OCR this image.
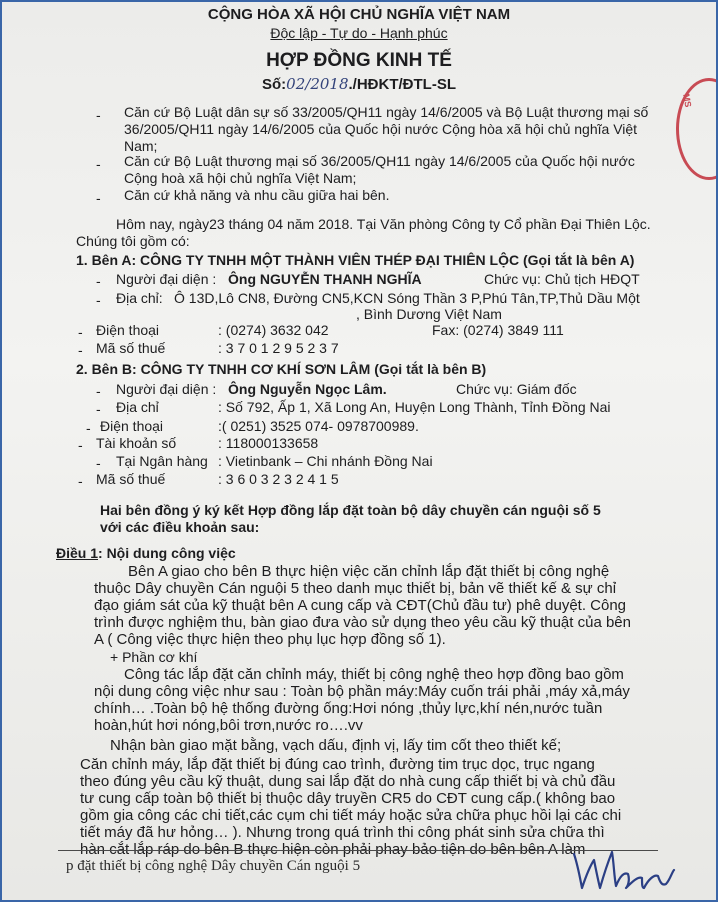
MS
CỘNG HÒA XÃ HỘI CHỦ NGHĨA VIỆT NAM
Độc lập - Tự do - Hạnh phúc
HỢP ĐỒNG KINH TẾ
Số:02/2018./HĐKT/ĐTL-SL
- Căn cứ Bộ Luật dân sự số 33/2005/QH11 ngày 14/6/2005 và Bộ Luật thương mại số
36/2005/QH11 ngày 14/6/2005 của Quốc hội nước Cộng hòa xã hội chủ nghĩa Việt
Nam;
- Căn cứ Bộ Luật thương mại số 36/2005/QH11 ngày 14/6/2005 của Quốc hội nước
Cộng hoà xã hội chủ nghĩa Việt Nam;
- Căn cứ khả năng và nhu cầu giữa hai bên.
Hôm nay, ngày23 tháng 04 năm 2018. Tại Văn phòng Công ty Cổ phần Đại Thiên Lộc.
Chúng tôi gồm có:
1. Bên A: CÔNG TY TNHH MỘT THÀNH VIÊN THÉP ĐẠI THIÊN LỘC (Gọi tắt là bên A)
- Người đại diện : Ông NGUYỄN THANH NGHĨA	Chức vụ: Chủ tịch HĐQT
- Địa chỉ: Ô 13D,Lô CN8, Đường CN5,KCN Sóng Thần 3 P,Phú Tân,TP,Thủ Dầu Một
, Bình Dương Việt Nam
- Điện thoại	: (0274) 3632 042	Fax: (0274) 3849 111
- Mã số thuế	: 3 7 0 1 2 9 5 2 3 7
2. Bên B: CÔNG TY TNHH CƠ KHÍ SƠN LÂM (Gọi tắt là bên B)
- Người đại diện : Ông Nguyễn Ngọc Lâm.	Chức vụ: Giám đốc
- Địa chỉ	: Số 792, Ấp 1, Xã Long An, Huyện Long Thành, Tỉnh Đồng Nai
- Điện thoại	:( 0251) 3525 074- 0978700989.
- Tài khoản số	: 118000133658
- Tại Ngân hàng : Vietinbank – Chi nhánh Đồng Nai
- Mã số thuế	: 3 6 0 3 2 3 2 4 1 5
Hai bên đồng ý ký kết Hợp đồng lắp đặt toàn bộ dây chuyền cán nguội số 5
với các điều khoản sau:
Điều 1: Nội dung công việc
Bên A giao cho bên B thực hiện việc căn chỉnh lắp đặt thiết bị công nghệ
thuộc Dây chuyền Cán nguội 5 theo danh mục thiết bị, bản vẽ thiết kế & sự chỉ
đạo giám sát của kỹ thuật bên A cung cấp và CĐT(Chủ đầu tư) phê duyệt. Công
trình được nghiệm thu, bàn giao đưa vào sử dụng theo yêu cầu kỹ thuật của bên
A ( Công việc thực hiện theo phụ lục hợp đồng số 1).
+ Phần cơ khí
Công tác lắp đặt căn chỉnh máy, thiết bị công nghệ theo hợp đồng bao gồm
nội dung công việc như sau : Toàn bộ phần máy:Máy cuốn trái phải ,máy xả,máy
chính… .Toàn bộ hệ thống đường ống:Hơi nóng ,thủy lực,khí nén,nước tuần
hoàn,hút hơi nóng,bôi trơn,nước ro….vv
Nhận bàn giao mặt bằng, vạch dấu, định vị, lấy tim cốt theo thiết kế;
Căn chỉnh máy, lắp đặt thiết bị đúng cao trình, đường tim trục dọc, trục ngang
theo đúng yêu cầu kỹ thuật, dung sai lắp đặt do nhà cung cấp thiết bị và chủ đầu
tư cung cấp toàn bộ thiết bị thuộc dây truyền CR5 do CĐT cung cấp.( không bao
gồm gia công các chi tiết,các cụm chi tiết máy hoặc sửa chữa phục hồi lại các chi
tiết máy đã hư hỏng… ). Nhưng trong quá trình thi công phát sinh sửa chữa thì
hàn cắt lắp ráp do bên B thực hiện còn phải phay bảo tiện do bên bên A làm
p đặt thiết bị công nghệ Dây chuyền Cán nguội 5
